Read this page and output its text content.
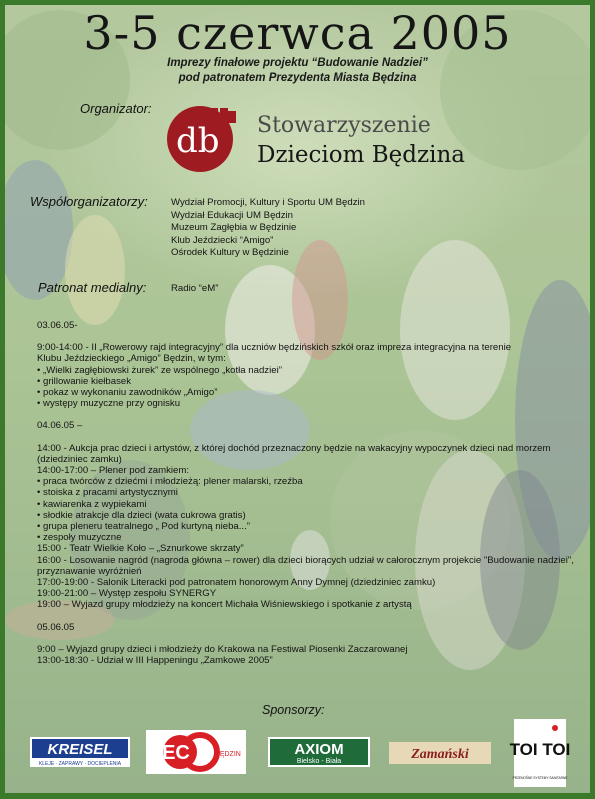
3-5 czerwca 2005
Imprezy finałowe projektu “Budowanie Nadziei”
pod patronatem Prezydenta Miasta Będzina
Organizator:
db Stowarzyszenie
Dzieciom Będzina
Współorganizatorzy: Wydział Promocji, Kultury i Sportu UM Będzin
Wydział Edukacji UM Będzin
Muzeum Zagłębia w Będzinie
Klub Jeździecki “Amigo”
Ośrodek Kultury w Będzinie
Patronat medialny:	Radio “eM”
03.06.05-
9:00-14:00 - II „Rowerowy rajd integracyjny” dla uczniów będzińskich szkół oraz impreza integracyjna na terenie
Klubu Jeździeckiego „Amigo” Będzin, w tym:
• „Wielki zagłębiowski żurek” ze wspólnego „kotła nadziei”
• grillowanie kiełbasek
• pokaz w wykonaniu zawodników „Amigo”
• występy muzyczne przy ognisku
04.06.05 –
14:00 - Aukcja prac dzieci i artystów, z której dochód przeznaczony będzie na wakacyjny wypoczynek dzieci nad morzem
(dziedziniec zamku)
14:00-17:00 – Plener pod zamkiem:
• praca twórców z dziećmi i młodzieżą: plener malarski, rzeźba
• stoiska z pracami artystycznymi
• kawiarenka z wypiekami
• słodkie atrakcje dla dzieci (wata cukrowa gratis)
• grupa pleneru teatralnego „ Pod kurtyną nieba...”
• zespoły muzyczne
15:00 - Teatr Wielkie Koło – „Sznurkowe skrzaty”
16:00 - Losowanie nagród (nagroda główna – rower) dla dzieci biorących udział w całorocznym projekcie "Budowanie nadziei",
przyznawanie wyróżnień
17:00-19:00 - Salonik Literacki pod patronatem honorowym Anny Dymnej (dziedziniec zamku)
19:00-21:00 – Występ zespołu SYNERGY
19:00 – Wyjazd grupy młodzieży na koncert Michała Wiśniewskiego i spotkanie z artystą
05.06.05
9:00 – Wyjazd grupy dzieci i młodzieży do Krakowa na Festiwal Piosenki Zaczarowanej
13:00-18:30 - Udział w III Happeningu „Zamkowe 2005”
Sponsorzy:
KREISEL
KLEJE · ZAPRAWY · DOCIEPLENIA EC	BĘDZIN	AXIOM
Bielsko - Biała	Zamański TOI TOI
PRZENOŚNE SYSTEMY SANITARNE
